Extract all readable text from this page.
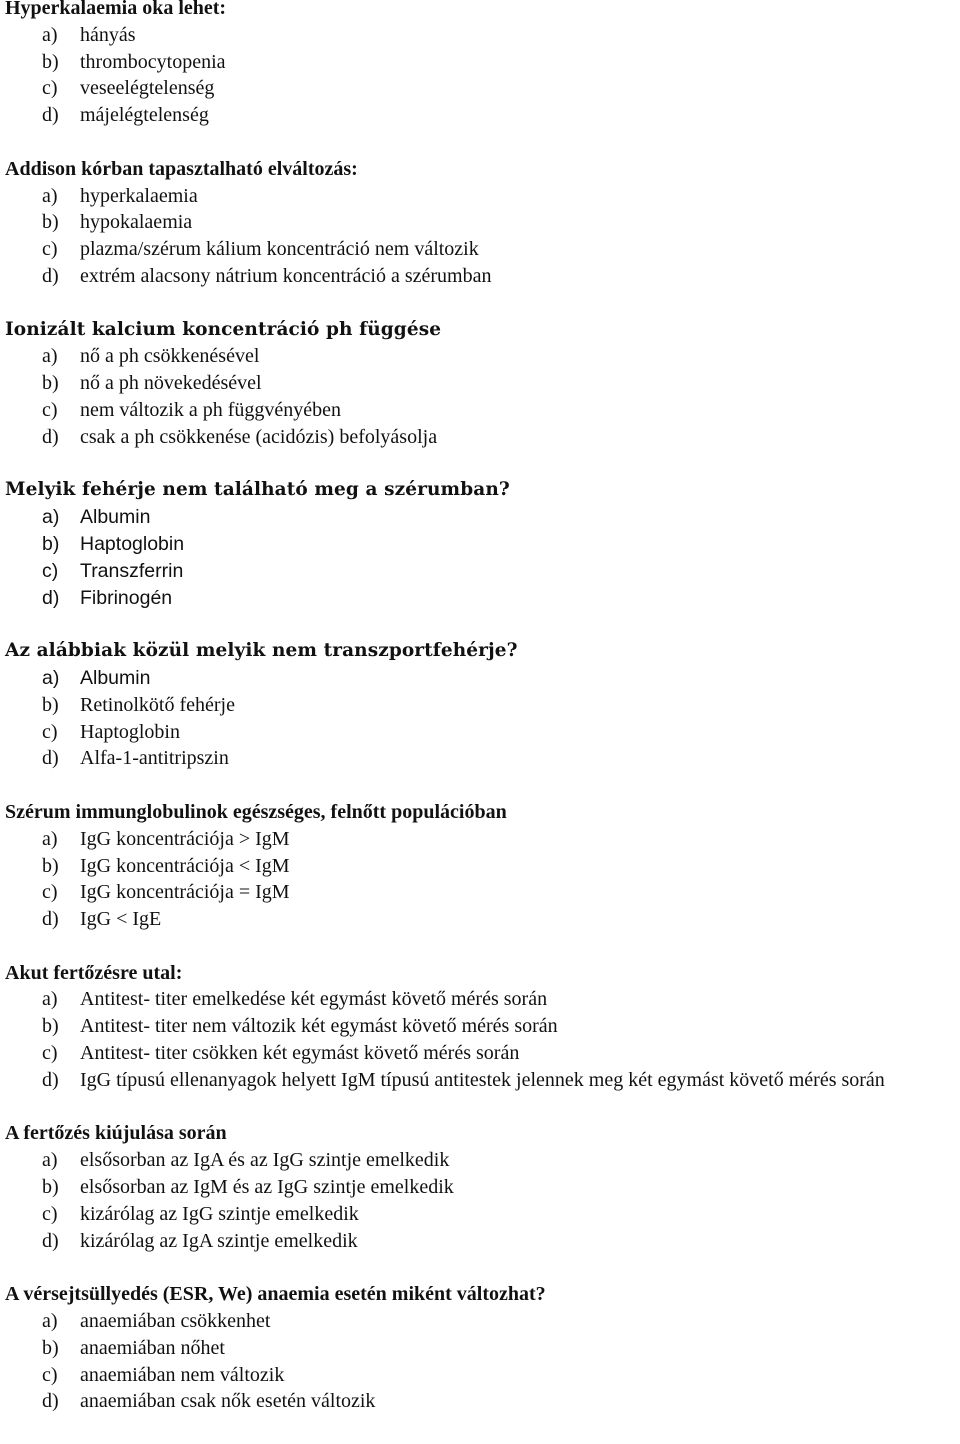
Hyperkalaemia oka lehet:

a) hányás
b) thrombocytopenia
c) veseelégtelenség
d) májelégtelenség

Addison kórban tapasztalható elváltozás:

a) hyperkalaemia
b) hypokalaemia
c) plazma/szérum kálium koncentráció nem változik
d) extrém alacsony nátrium koncentráció a szérumban

Ionizált kalcium koncentráció ph függése

a) nő a ph csökkenésével
b) nő a ph növekedésével
c) nem változik a ph függvényében
d) csak a ph csökkenése (acidózis) befolyásolja

Melyik fehérje nem található meg a szérumban?

a) Albumin
b) Haptoglobin
c) Transzferrin
d) Fibrinogén

Az alábbiak közül melyik nem transzportfehérje?

a) Albumin
b) Retinolkötő fehérje
c) Haptoglobin
d) Alfa-1-antitripszin

Szérum immunglobulinok egészséges, felnőtt populációban

a) IgG koncentrációja > IgM
b) IgG koncentrációja < IgM
c) IgG koncentrációja = IgM
d) IgG < IgE

Akut fertőzésre utal:

a) Antitest- titer emelkedése két egymást követő mérés során
b) Antitest- titer nem változik két egymást követő mérés során
c) Antitest- titer csökken két egymást követő mérés során
d) IgG típusú ellenanyagok helyett IgM típusú antitestek jelennek meg két egymást követő mérés során

A fertőzés kiújulása során

a) elsősorban az IgA és az IgG szintje emelkedik
b) elsősorban az IgM és az IgG szintje emelkedik
c) kizárólag az IgG szintje emelkedik
d) kizárólag az IgA szintje emelkedik

A vérsejtsüllyedés (ESR, We) anaemia esetén miként változhat?

a) anaemiában csökkenhet
b) anaemiában nőhet
c) anaemiában nem változik
d) anaemiában csak nők esetén változik
